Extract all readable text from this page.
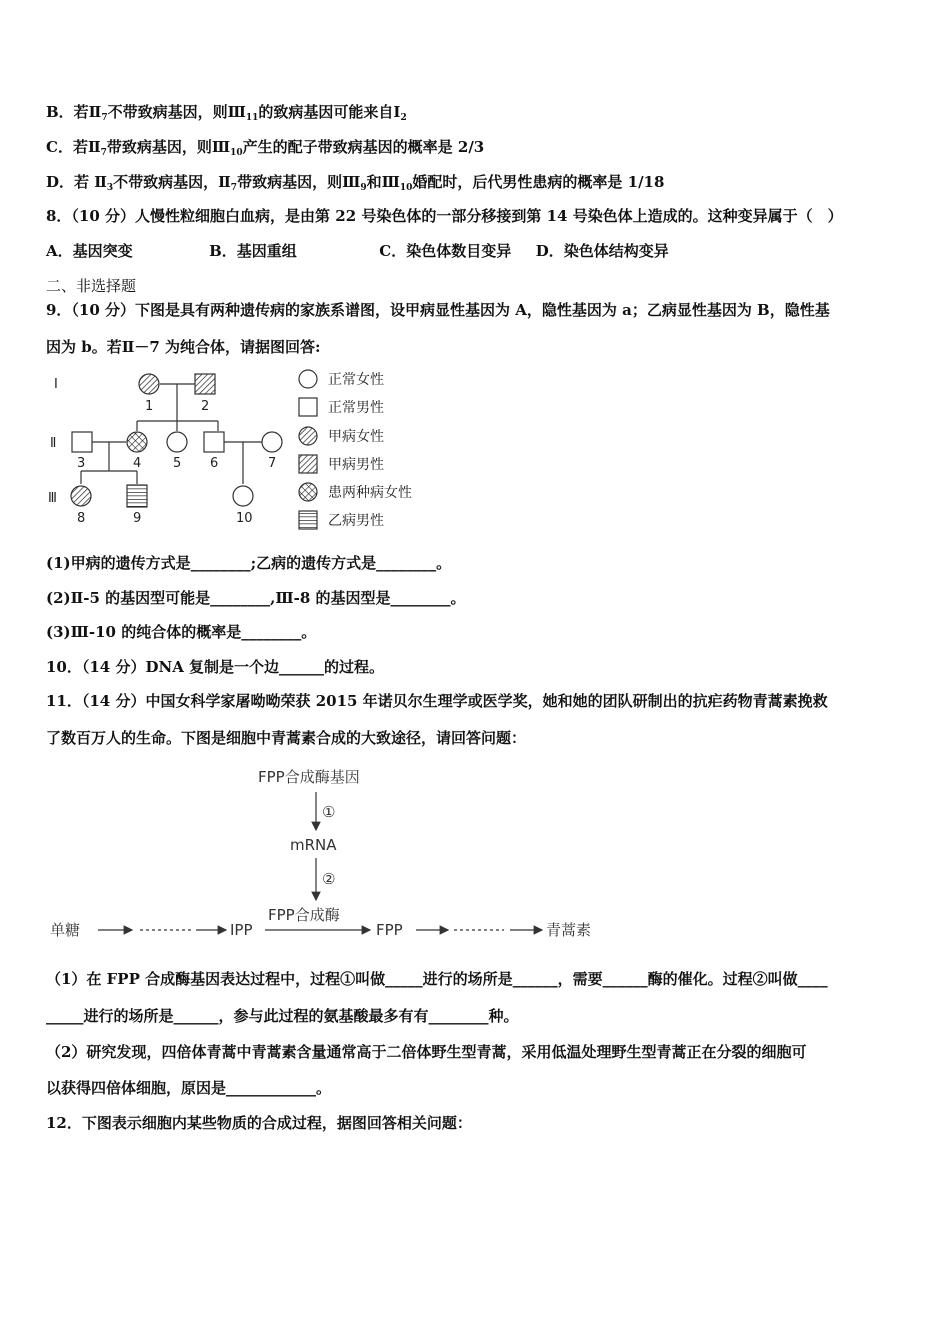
B．若$Ⅱ_7$不带致病基因，则$Ⅲ_{11}$的致病基因可能来自$Ⅰ_2$
C．若$Ⅱ_7$带致病基因，则$Ⅲ_{10}$产生的配子带致病基因的概率是 2/3
D．若 $Ⅱ_3$不带致病基因，$Ⅱ_7$带致病基因，则$Ⅲ_9$和$Ⅲ_{10}$婚配时，后代男性患病的概率是 1/18
8．（10 分）人慢性粒细胞白血病，是由第 22 号染色体的一部分移接到第 14 号染色体上造成的。这种变异属于（　）
A．基因突变	B．基因重组	C．染色体数目变异 D．染色体结构变异
二、非选择题
9．（10 分）下图是具有两种遗传病的家族系谱图，设甲病显性基因为 A，隐性基因为 a；乙病显性基因为 B，隐性基
因为 b。若Ⅱ－7 为纯合体，请据图回答:
Ⅰ
Ⅱ
Ⅲ
1	2
3	4 5 6	7
8	9	10
正常女性
正常男性
甲病女性
甲病男性
患两种病女性
乙病男性
(1)甲病的遗传方式是________;乙病的遗传方式是________。
(2)Ⅱ-5 的基因型可能是________,Ⅲ-8 的基因型是________。
(3)Ⅲ-10 的纯合体的概率是________。
10．（14 分）DNA 复制是一个边______的过程。
11．（14 分）中国女科学家屠呦呦荣获 2015 年诺贝尔生理学或医学奖，她和她的团队研制出的抗疟药物青蒿素挽救
了数百万人的生命。下图是细胞中青蒿素合成的大致途径，请回答问题：
FPP合成酶基因
①
mRNA
②
单糖	IPP
FPP合成酶
FPP	青蒿素
（1）在 FPP 合成酶基因表达过程中，过程①叫做_____进行的场所是______，需要______酶的催化。过程②叫做____
_____进行的场所是______，参与此过程的氨基酸最多有有________种。
（2）研究发现，四倍体青蒿中青蒿素含量通常高于二倍体野生型青蒿，采用低温处理野生型青蒿正在分裂的细胞可
以获得四倍体细胞，原因是____________。
12．下图表示细胞内某些物质的合成过程，据图回答相关问题：
